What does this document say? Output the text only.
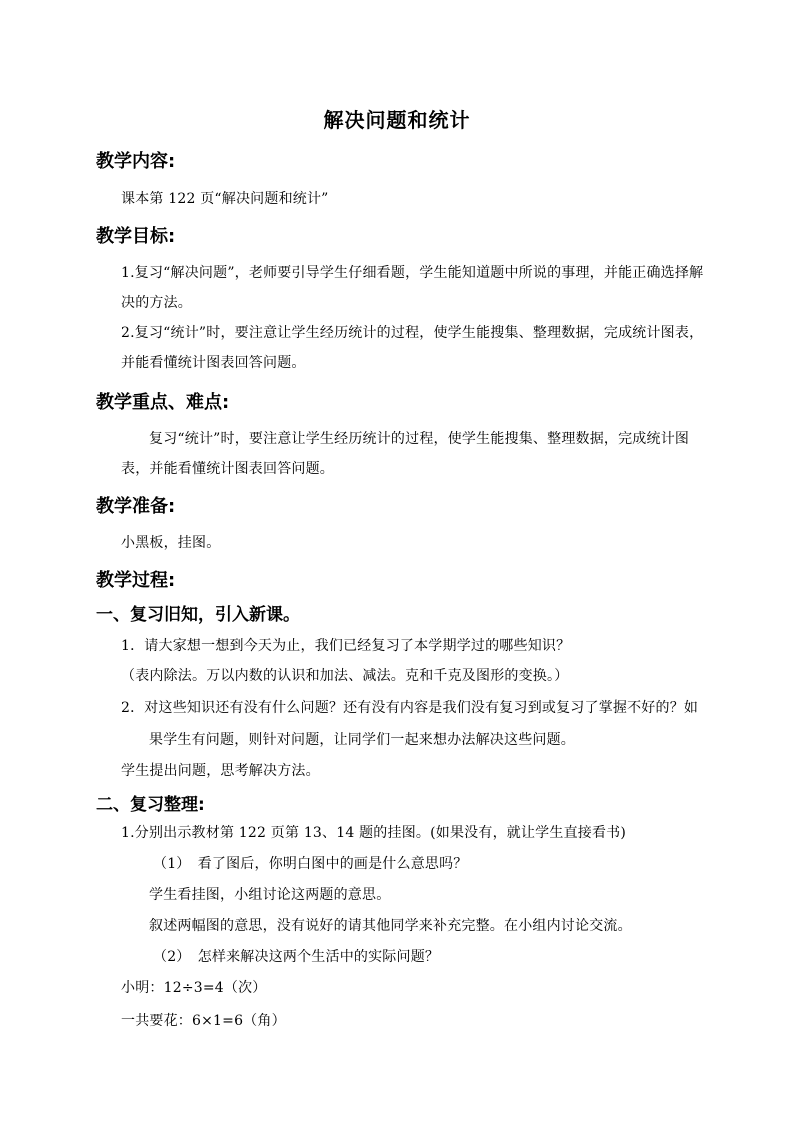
解决问题和统计
教学内容:
课本第 122 页“解决问题和统计”
教学目标:
1.复习“解决问题”，老师要引导学生仔细看题，学生能知道题中所说的事理，并能正确选择解
决的方法。
2.复习“统计”时，要注意让学生经历统计的过程，使学生能搜集、整理数据，完成统计图表，
并能看懂统计图表回答问题。
教学重点、难点:
复习“统计”时，要注意让学生经历统计的过程，使学生能搜集、整理数据，完成统计图
表，并能看懂统计图表回答问题。
教学准备:
小黑板，挂图。
教学过程:
一、复习旧知，引入新课。
1．请大家想一想到今天为止，我们已经复习了本学期学过的哪些知识？
（表内除法。万以内数的认识和加法、减法。克和千克及图形的变换。）
2．对这些知识还有没有什么问题？还有没有内容是我们没有复习到或复习了掌握不好的？如
果学生有问题，则针对问题，让同学们一起来想办法解决这些问题。
学生提出问题，思考解决方法。
二、复习整理:
1.分别出示教材第 122 页第 13、14 题的挂图。(如果没有，就让学生直接看书)
（1）　看了图后，你明白图中的画是什么意思吗？
学生看挂图，小组讨论这两题的意思。
叙述两幅图的意思，没有说好的请其他同学来补充完整。在小组内讨论交流。
（2）　怎样来解决这两个生活中的实际问题？
小明：12÷3=4（次）
一共要花：6×1=6（角）
